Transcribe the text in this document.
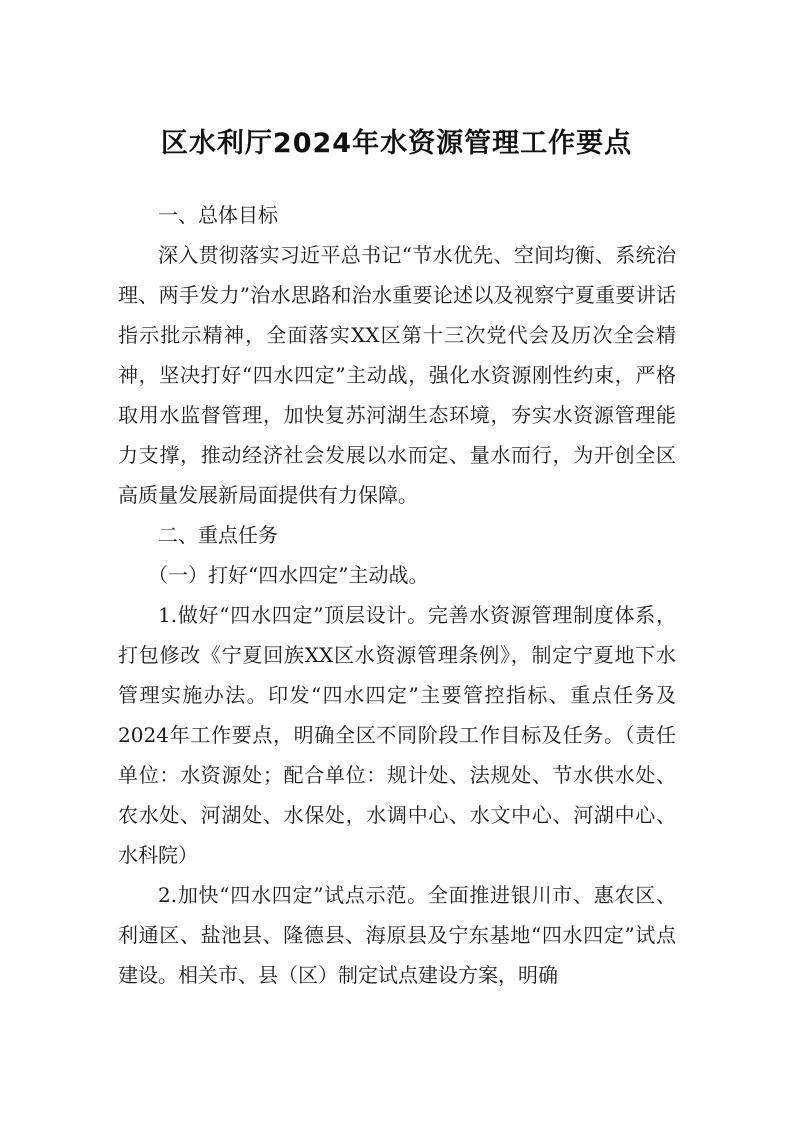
区水利厅2024年水资源管理工作要点

一、总体目标

深入贯彻落实习近平总书记“节水优先、空间均衡、系统治理、两手发力”治水思路和治水重要论述以及视察宁夏重要讲话指示批示精神，全面落实XX区第十三次党代会及历次全会精神，坚决打好“四水四定”主动战，强化水资源刚性约束，严格取用水监督管理，加快复苏河湖生态环境，夯实水资源管理能力支撑，推动经济社会发展以水而定、量水而行，为开创全区高质量发展新局面提供有力保障。

二、重点任务

（一）打好“四水四定”主动战。

1.做好“四水四定”顶层设计。完善水资源管理制度体系，打包修改《宁夏回族XX区水资源管理条例》，制定宁夏地下水管理实施办法。印发“四水四定”主要管控指标、重点任务及2024年工作要点，明确全区不同阶段工作目标及任务。（责任单位：水资源处；配合单位：规计处、法规处、节水供水处、农水处、河湖处、水保处，水调中心、水文中心、河湖中心、水科院）

2.加快“四水四定”试点示范。全面推进银川市、惠农区、利通区、盐池县、隆德县、海原县及宁东基地“四水四定”试点建设。相关市、县（区）制定试点建设方案，明确
